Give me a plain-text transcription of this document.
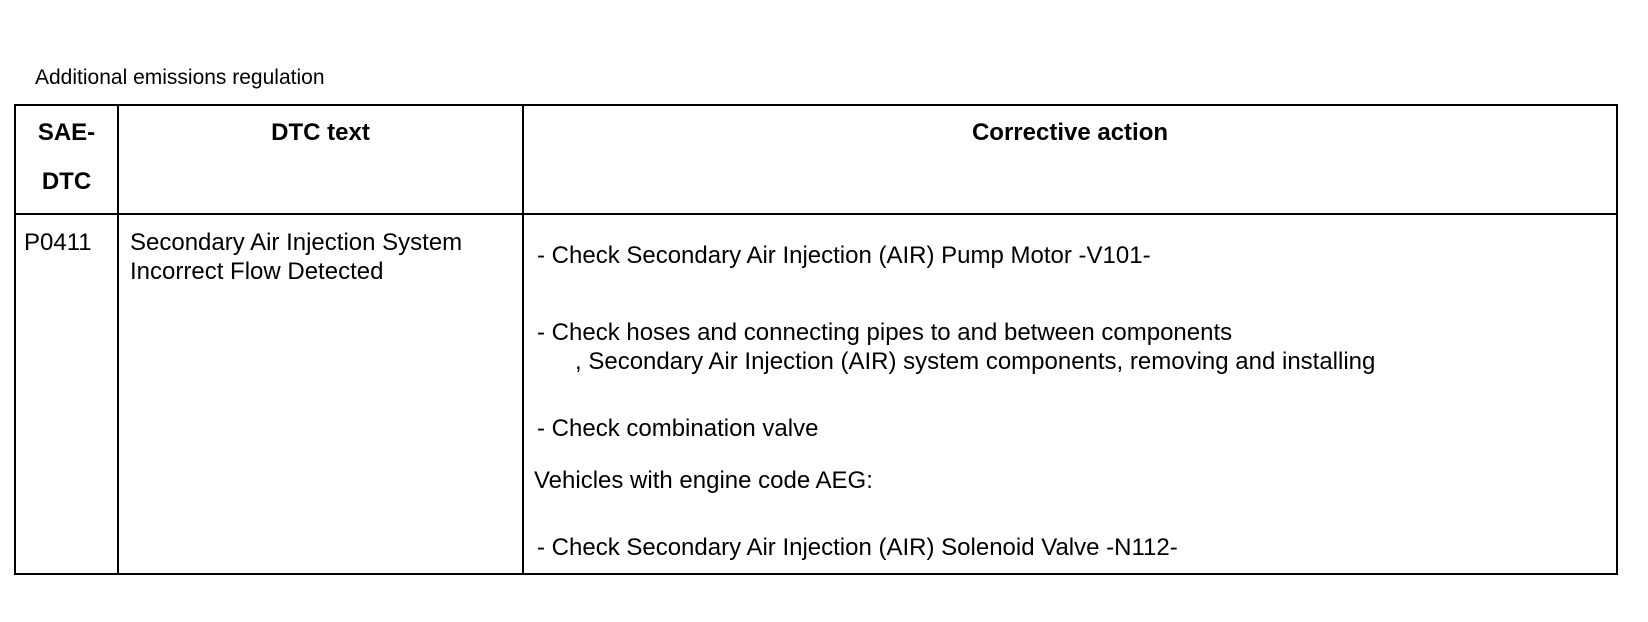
Additional emissions regulation
SAE-
DTC
DTC text	Corrective action
P0411 Secondary Air Injection System
Incorrect Flow Detected
- Check Secondary Air Injection (AIR) Pump Motor -V101-
- Check hoses and connecting pipes to and between components
, Secondary Air Injection (AIR) system components, removing and installing
- Check combination valve
Vehicles with engine code AEG:
- Check Secondary Air Injection (AIR) Solenoid Valve -N112-
